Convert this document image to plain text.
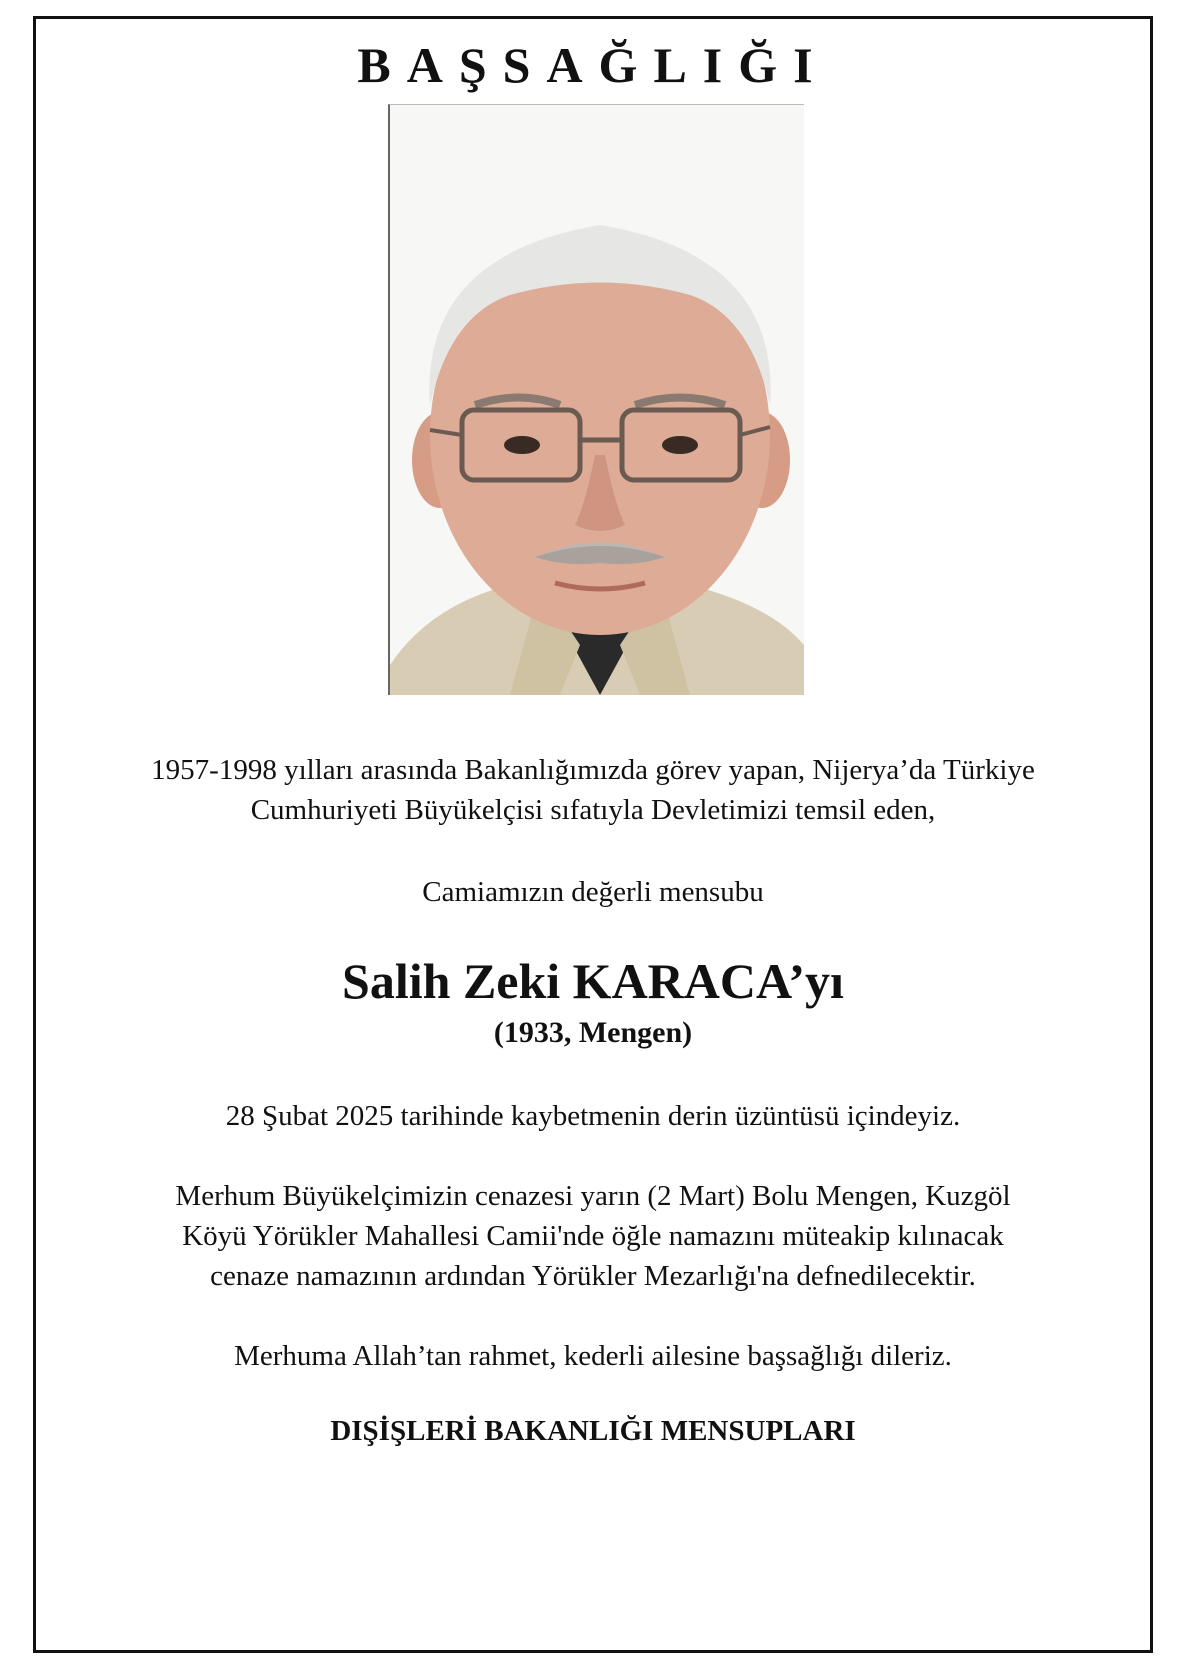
BAŞSAĞLIĞI

1957-1998 yılları arasında Bakanlığımızda görev yapan, Nijerya’da Türkiye
Cumhuriyeti Büyükelçisi sıfatıyla Devletimizi temsil eden,

Camiamızın değerli mensubu

Salih Zeki KARACA’yı

(1933, Mengen)

28 Şubat 2025 tarihinde kaybetmenin derin üzüntüsü içindeyiz.

Merhum Büyükelçimizin cenazesi yarın (2 Mart) Bolu Mengen, Kuzgöl
Köyü Yörükler Mahallesi Camii'nde öğle namazını müteakip kılınacak
cenaze namazının ardından Yörükler Mezarlığı'na defnedilecektir.

Merhuma Allah’tan rahmet, kederli ailesine başsağlığı dileriz.

DIŞİŞLERİ BAKANLIĞI MENSUPLARI
